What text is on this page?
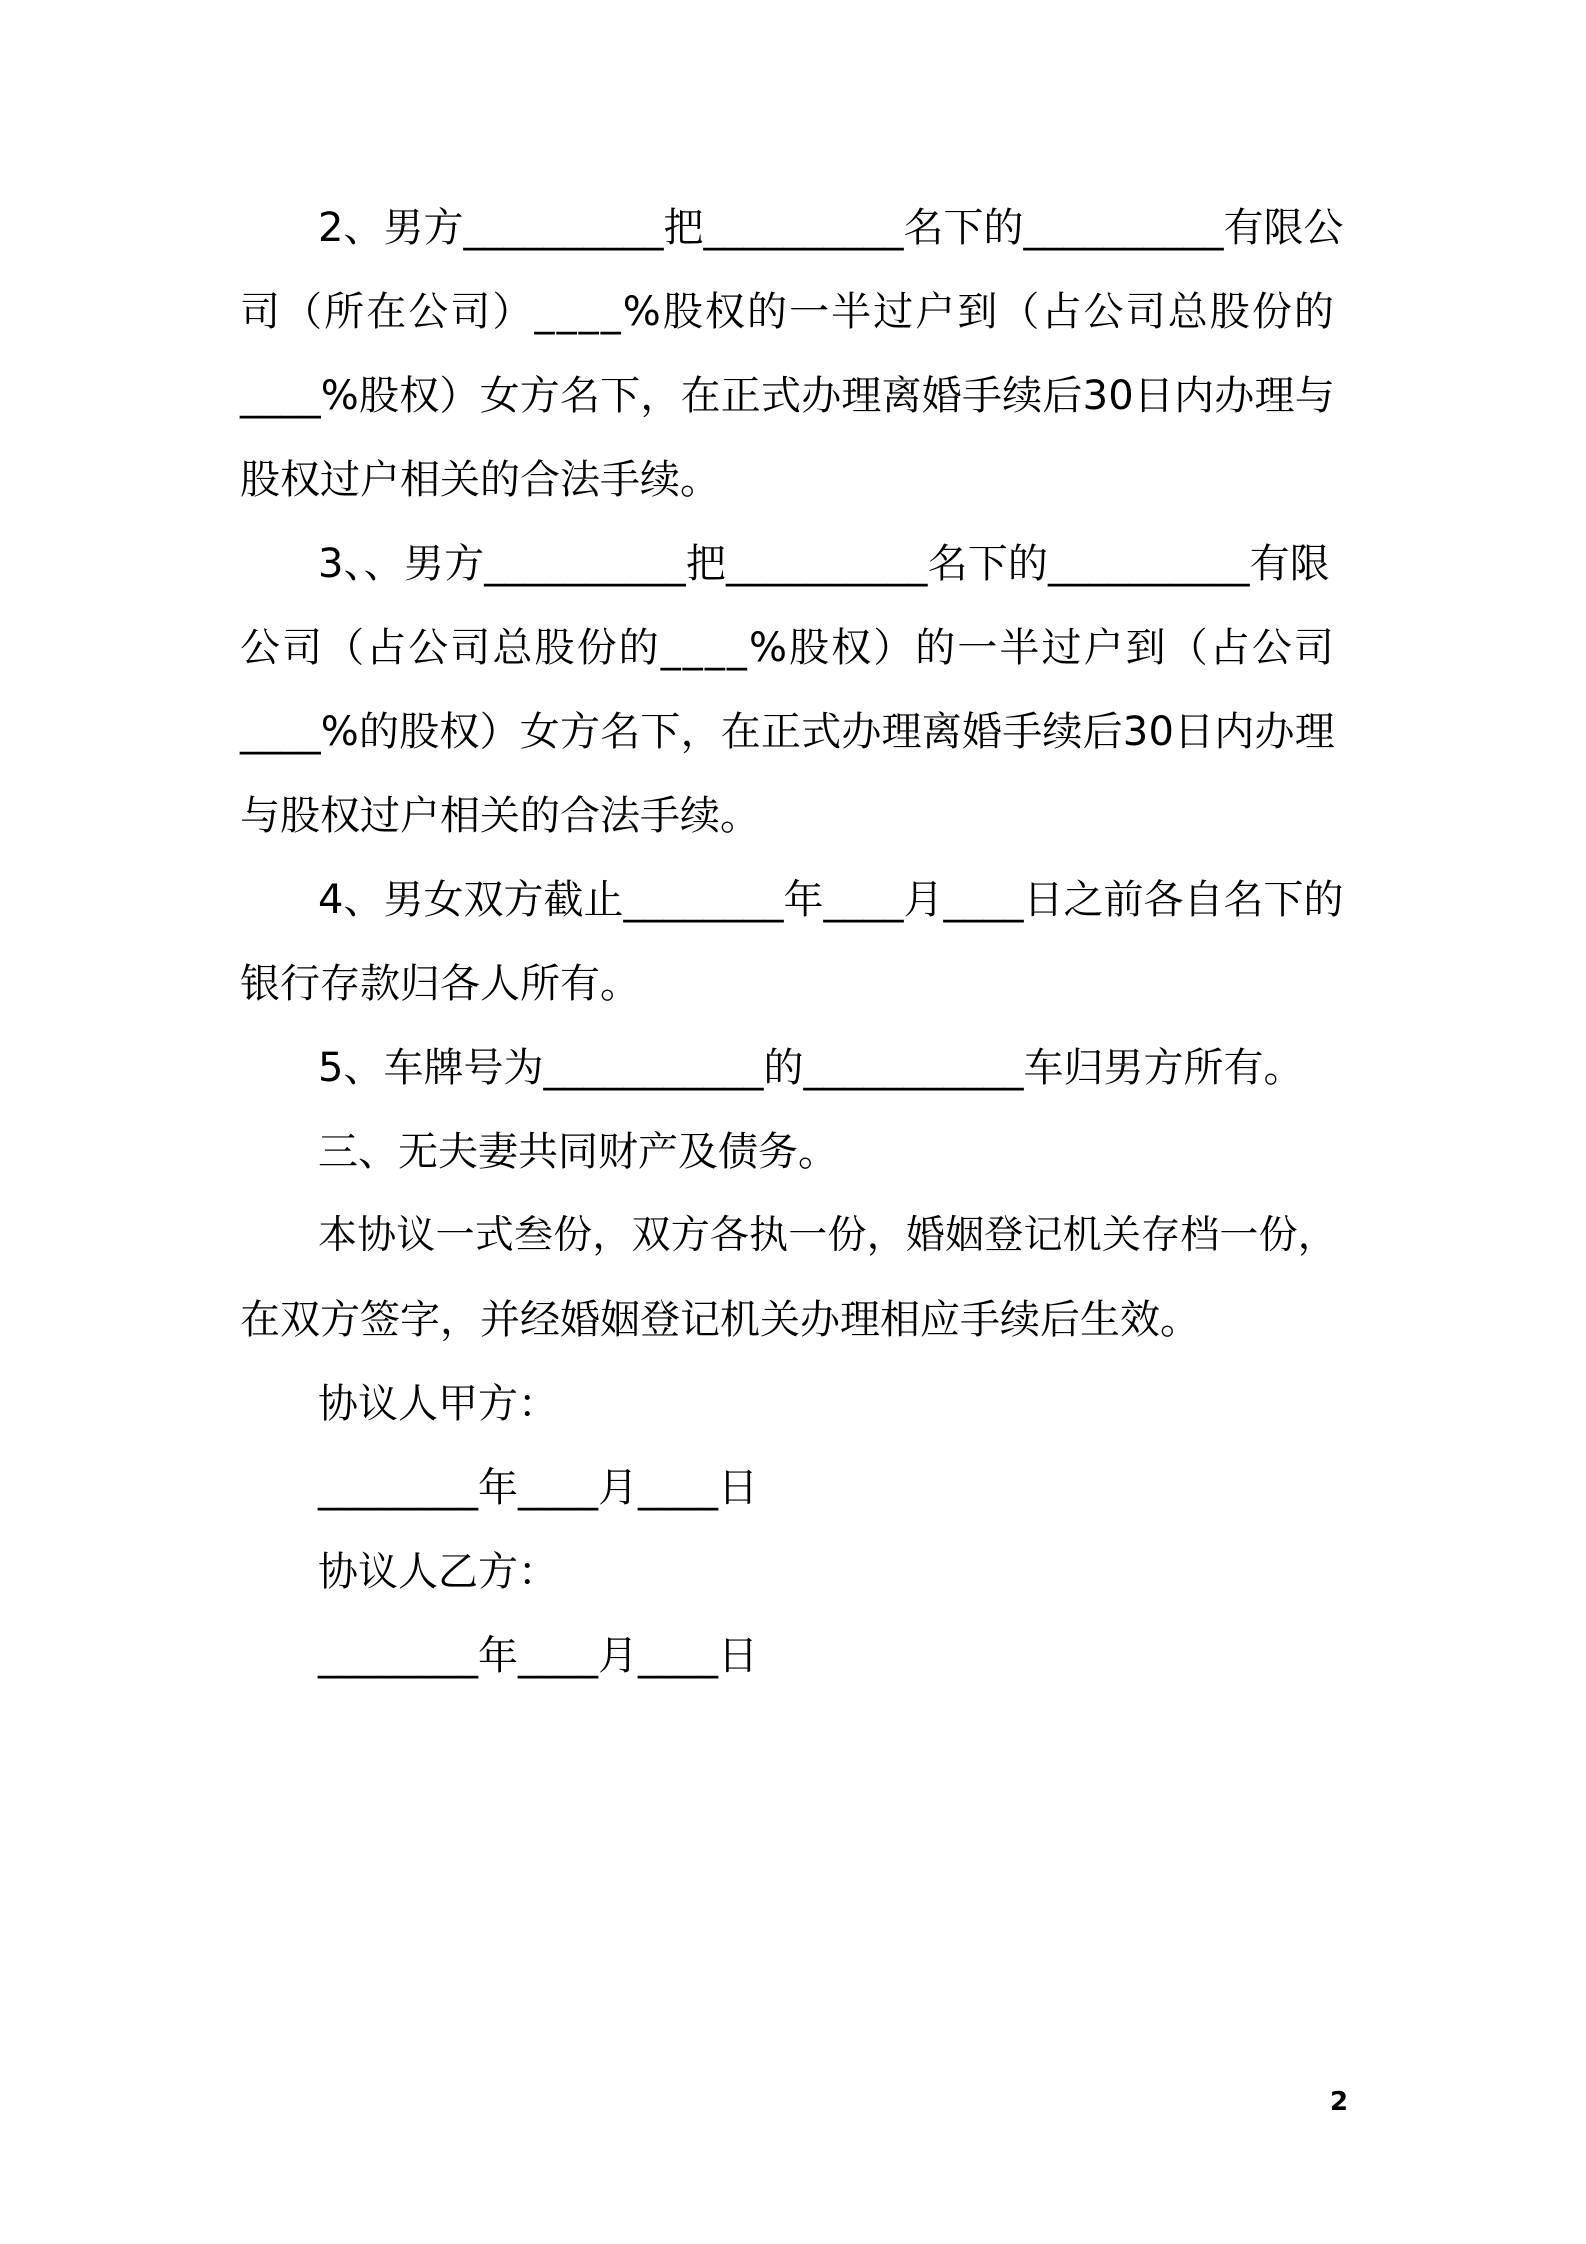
2、男方__________把__________名下的__________有限公
司（所在公司）____%股权的一半过户到（占公司总股份的
____%股权）女方名下，在正式办理离婚手续后30日内办理与
股权过户相关的合法手续。
3、、男方__________把__________名下的__________有限
公司（占公司总股份的____%股权）的一半过户到（占公司
____%的股权）女方名下，在正式办理离婚手续后30日内办理
与股权过户相关的合法手续。
4、男女双方截止________年____月____日之前各自名下的
银行存款归各人所有。
5、车牌号为___________的___________车归男方所有。
三、无夫妻共同财产及债务。
本协议一式叁份，双方各执一份，婚姻登记机关存档一份，
在双方签字，并经婚姻登记机关办理相应手续后生效。
协议人甲方：
________年____月____日
协议人乙方：
________年____月____日
2
